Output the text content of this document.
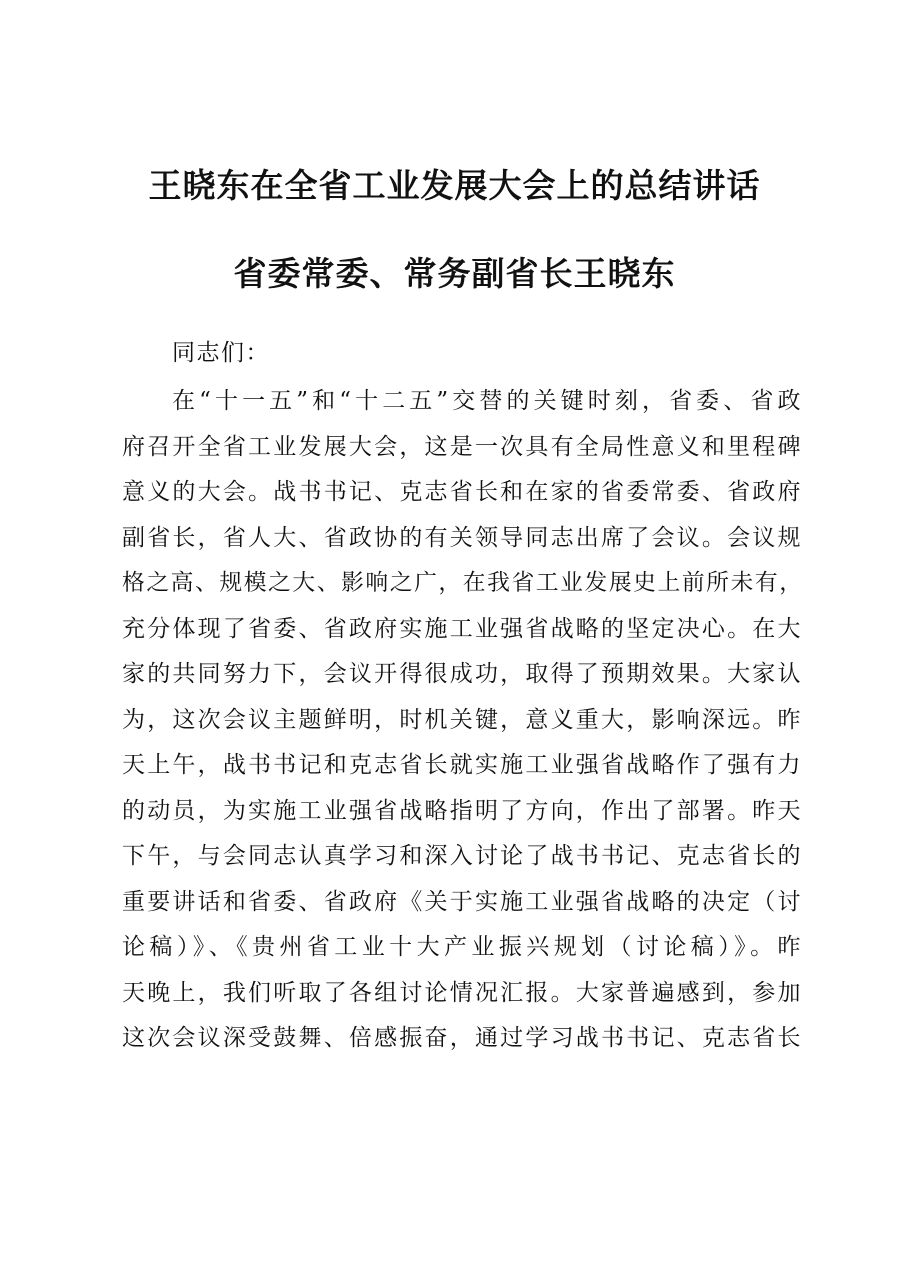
王晓东在全省工业发展大会上的总结讲话
省委常委、常务副省长王晓东
同志们：
在“十一五”和“十二五”交替的关键时刻，省委、省政
府召开全省工业发展大会，这是一次具有全局性意义和里程碑
意义的大会。战书书记、克志省长和在家的省委常委、省政府
副省长，省人大、省政协的有关领导同志出席了会议。会议规
格之高、规模之大、影响之广，在我省工业发展史上前所未有，
充分体现了省委、省政府实施工业强省战略的坚定决心。在大
家的共同努力下，会议开得很成功，取得了预期效果。大家认
为，这次会议主题鲜明，时机关键，意义重大，影响深远。昨
天上午，战书书记和克志省长就实施工业强省战略作了强有力
的动员，为实施工业强省战略指明了方向，作出了部署。昨天
下午，与会同志认真学习和深入讨论了战书书记、克志省长的
重要讲话和省委、省政府《关于实施工业强省战略的决定（讨
论稿）》、《贵州省工业十大产业振兴规划（讨论稿）》。昨
天晚上，我们听取了各组讨论情况汇报。大家普遍感到，参加
这次会议深受鼓舞、倍感振奋，通过学习战书书记、克志省长
